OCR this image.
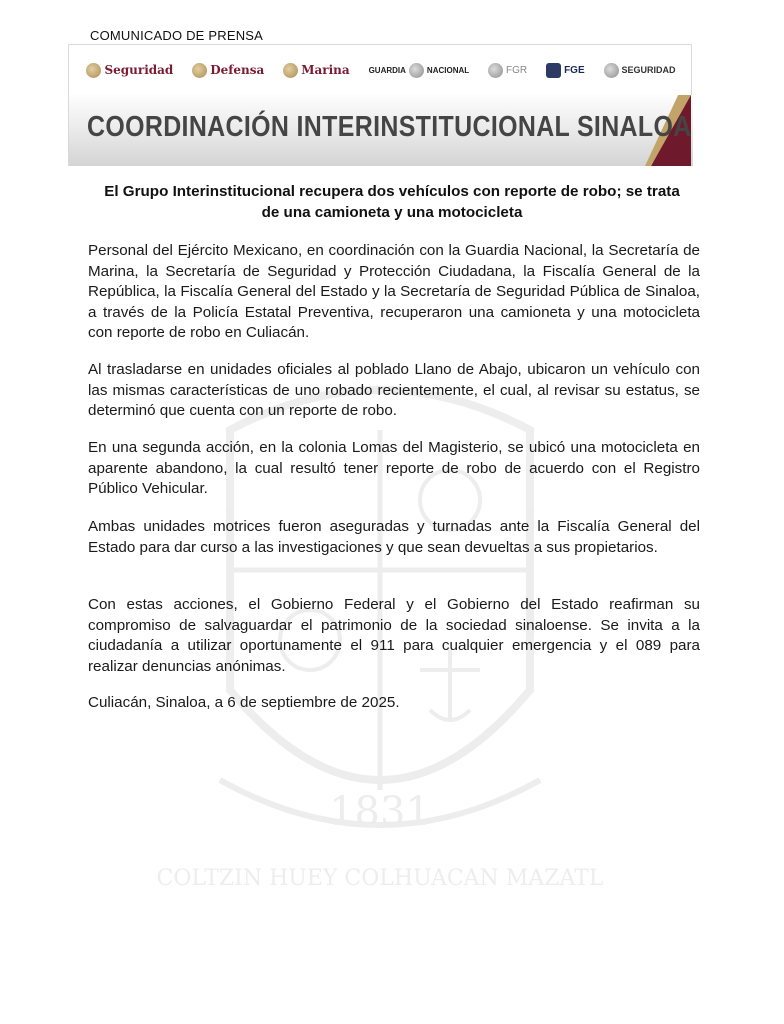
COMUNICADO DE PRENSA
Seguridad	Defensa	Marina GUARDIA	NACIONAL	FGR	FGE	SEGURIDAD
COORDINACIÓN INTERINSTITUCIONAL SINALOA
1831
COLTZIN HUEY COLHUACAN MAZATL
El Grupo Interinstitucional recupera dos vehículos con reporte de robo; se trata de una camioneta y una motocicleta

Personal del Ejército Mexicano, en coordinación con la Guardia Nacional, la Secretaría de Marina, la Secretaría de Seguridad y Protección Ciudadana, la Fiscalía General de la República, la Fiscalía General del Estado y la Secretaría de Seguridad Pública de Sinaloa, a través de la Policía Estatal Preventiva, recuperaron una camioneta y una motocicleta con reporte de robo en Culiacán.

Al trasladarse en unidades oficiales al poblado Llano de Abajo, ubicaron un vehículo con las mismas características de uno robado recientemente, el cual, al revisar su estatus, se determinó que cuenta con un reporte de robo.

En una segunda acción, en la colonia Lomas del Magisterio, se ubicó una motocicleta en aparente abandono, la cual resultó tener reporte de robo de acuerdo con el Registro Público Vehicular.

Ambas unidades motrices fueron aseguradas y turnadas ante la Fiscalía General del Estado para dar curso a las investigaciones y que sean devueltas a sus propietarios.

Con estas acciones, el Gobierno Federal y el Gobierno del Estado reafirman su compromiso de salvaguardar el patrimonio de la sociedad sinaloense. Se invita a la ciudadanía a utilizar oportunamente el 911 para cualquier emergencia y el 089 para realizar denuncias anónimas.

Culiacán, Sinaloa, a 6 de septiembre de 2025.
